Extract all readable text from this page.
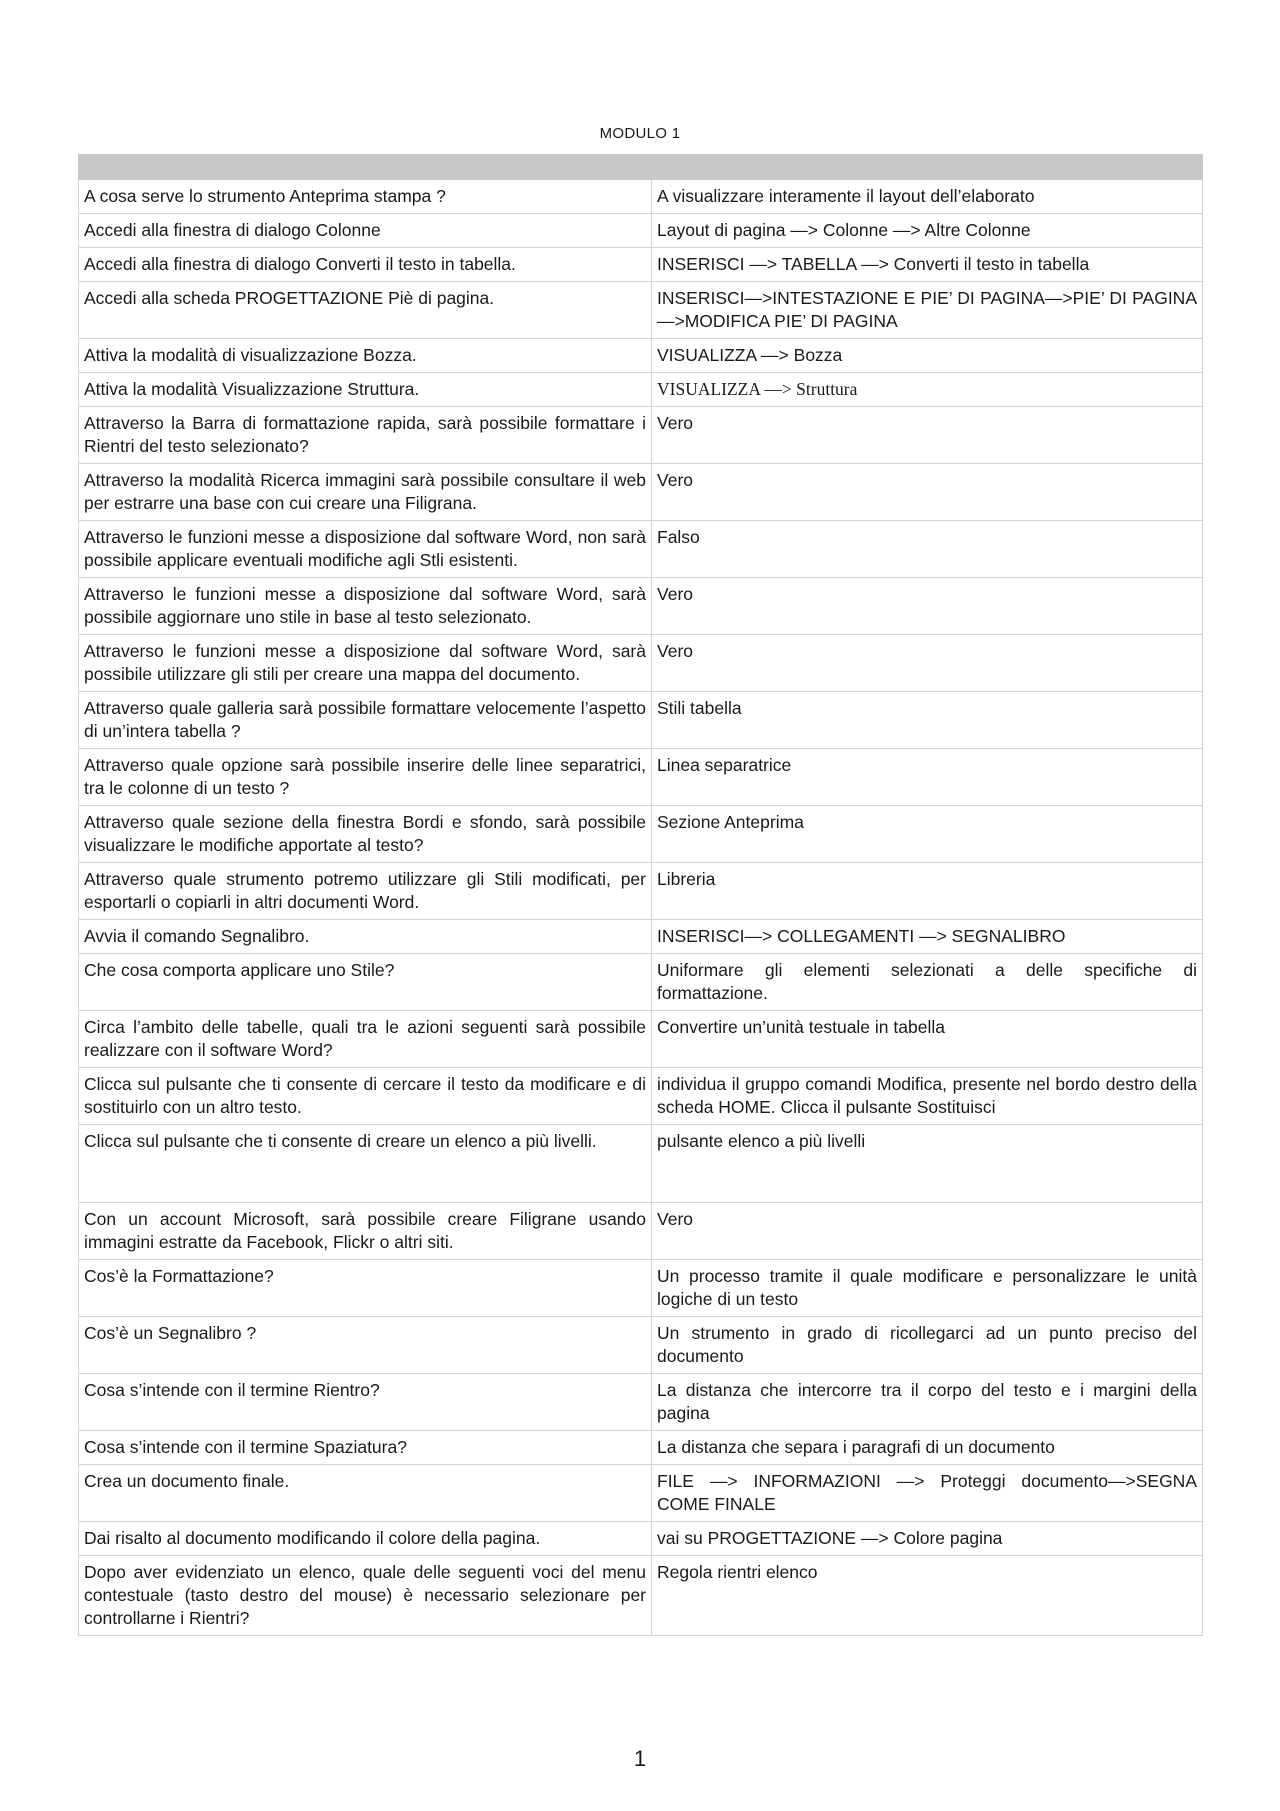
MODULO 1

A cosa serve lo strumento Anteprima stampa ?	A visualizzare interamente il layout dell’elaborato
Accedi alla finestra di dialogo Colonne	Layout di pagina —> Colonne —> Altre Colonne
Accedi alla finestra di dialogo Converti il testo in tabella.	INSERISCI —> TABELLA —> Converti il testo in tabella
Accedi alla scheda PROGETTAZIONE Piè di pagina.	INSERISCI—>INTESTAZIONE E PIE’ DI PAGINA—>PIE’ DI PAGINA—>MODIFICA PIE’ DI PAGINA
Attiva la modalità di visualizzazione Bozza.	VISUALIZZA —> Bozza
Attiva la modalità Visualizzazione Struttura.	VISUALIZZA —> Struttura
Attraverso la Barra di formattazione rapida, sarà possibile formattare i Rientri del testo selezionato?	Vero
Attraverso la modalità Ricerca immagini sarà possibile consultare il web per estrarre una base con cui creare una Filigrana.	Vero
Attraverso le funzioni messe a disposizione dal software Word, non sarà possibile applicare eventuali modifiche agli Stli esistenti.	Falso
Attraverso le funzioni messe a disposizione dal software Word, sarà possibile aggiornare uno stile in base al testo selezionato.	Vero
Attraverso le funzioni messe a disposizione dal software Word, sarà possibile utilizzare gli stili per creare una mappa del documento.	Vero
Attraverso quale galleria sarà possibile formattare velocemente l’aspetto di un’intera tabella ?	Stili tabella
Attraverso quale opzione sarà possibile inserire delle linee separatrici, tra le colonne di un testo ?	Linea separatrice
Attraverso quale sezione della finestra Bordi e sfondo, sarà possibile visualizzare le modifiche apportate al testo?	Sezione Anteprima
Attraverso quale strumento potremo utilizzare gli Stili modificati, per esportarli o copiarli in altri documenti Word.	Libreria
Avvia il comando Segnalibro.	INSERISCI—> COLLEGAMENTI —> SEGNALIBRO
Che cosa comporta applicare uno Stile?	Uniformare gli elementi selezionati a delle specifiche di formattazione.
Circa l’ambito delle tabelle, quali tra le azioni seguenti sarà possibile realizzare con il software Word?	Convertire un’unità testuale in tabella
Clicca sul pulsante che ti consente di cercare il testo da modificare e di sostituirlo con un altro testo.	individua il gruppo comandi Modifica, presente nel bordo destro della scheda HOME. Clicca il pulsante Sostituisci
Clicca sul pulsante che ti consente di creare un elenco a più livelli.	pulsante elenco a più livelli
Con un account Microsoft, sarà possibile creare Filigrane usando immagini estratte da Facebook, Flickr o altri siti.	Vero
Cos’è la Formattazione?	Un processo tramite il quale modificare e personalizzare le unità logiche di un testo
Cos’è un Segnalibro ?	Un strumento in grado di ricollegarci ad un punto preciso del documento
Cosa s’intende con il termine Rientro?	La distanza che intercorre tra il corpo del testo e i margini della pagina
Cosa s’intende con il termine Spaziatura?	La distanza che separa i paragrafi di un documento
Crea un documento finale.	FILE —> INFORMAZIONI —> Proteggi documento—>SEGNA COME FINALE
Dai risalto al documento modificando il colore della pagina.	vai su PROGETTAZIONE —> Colore pagina
Dopo aver evidenziato un elenco, quale delle seguenti voci del menu contestuale (tasto destro del mouse) è necessario selezionare per controllarne i Rientri?	Regola rientri elenco
1
